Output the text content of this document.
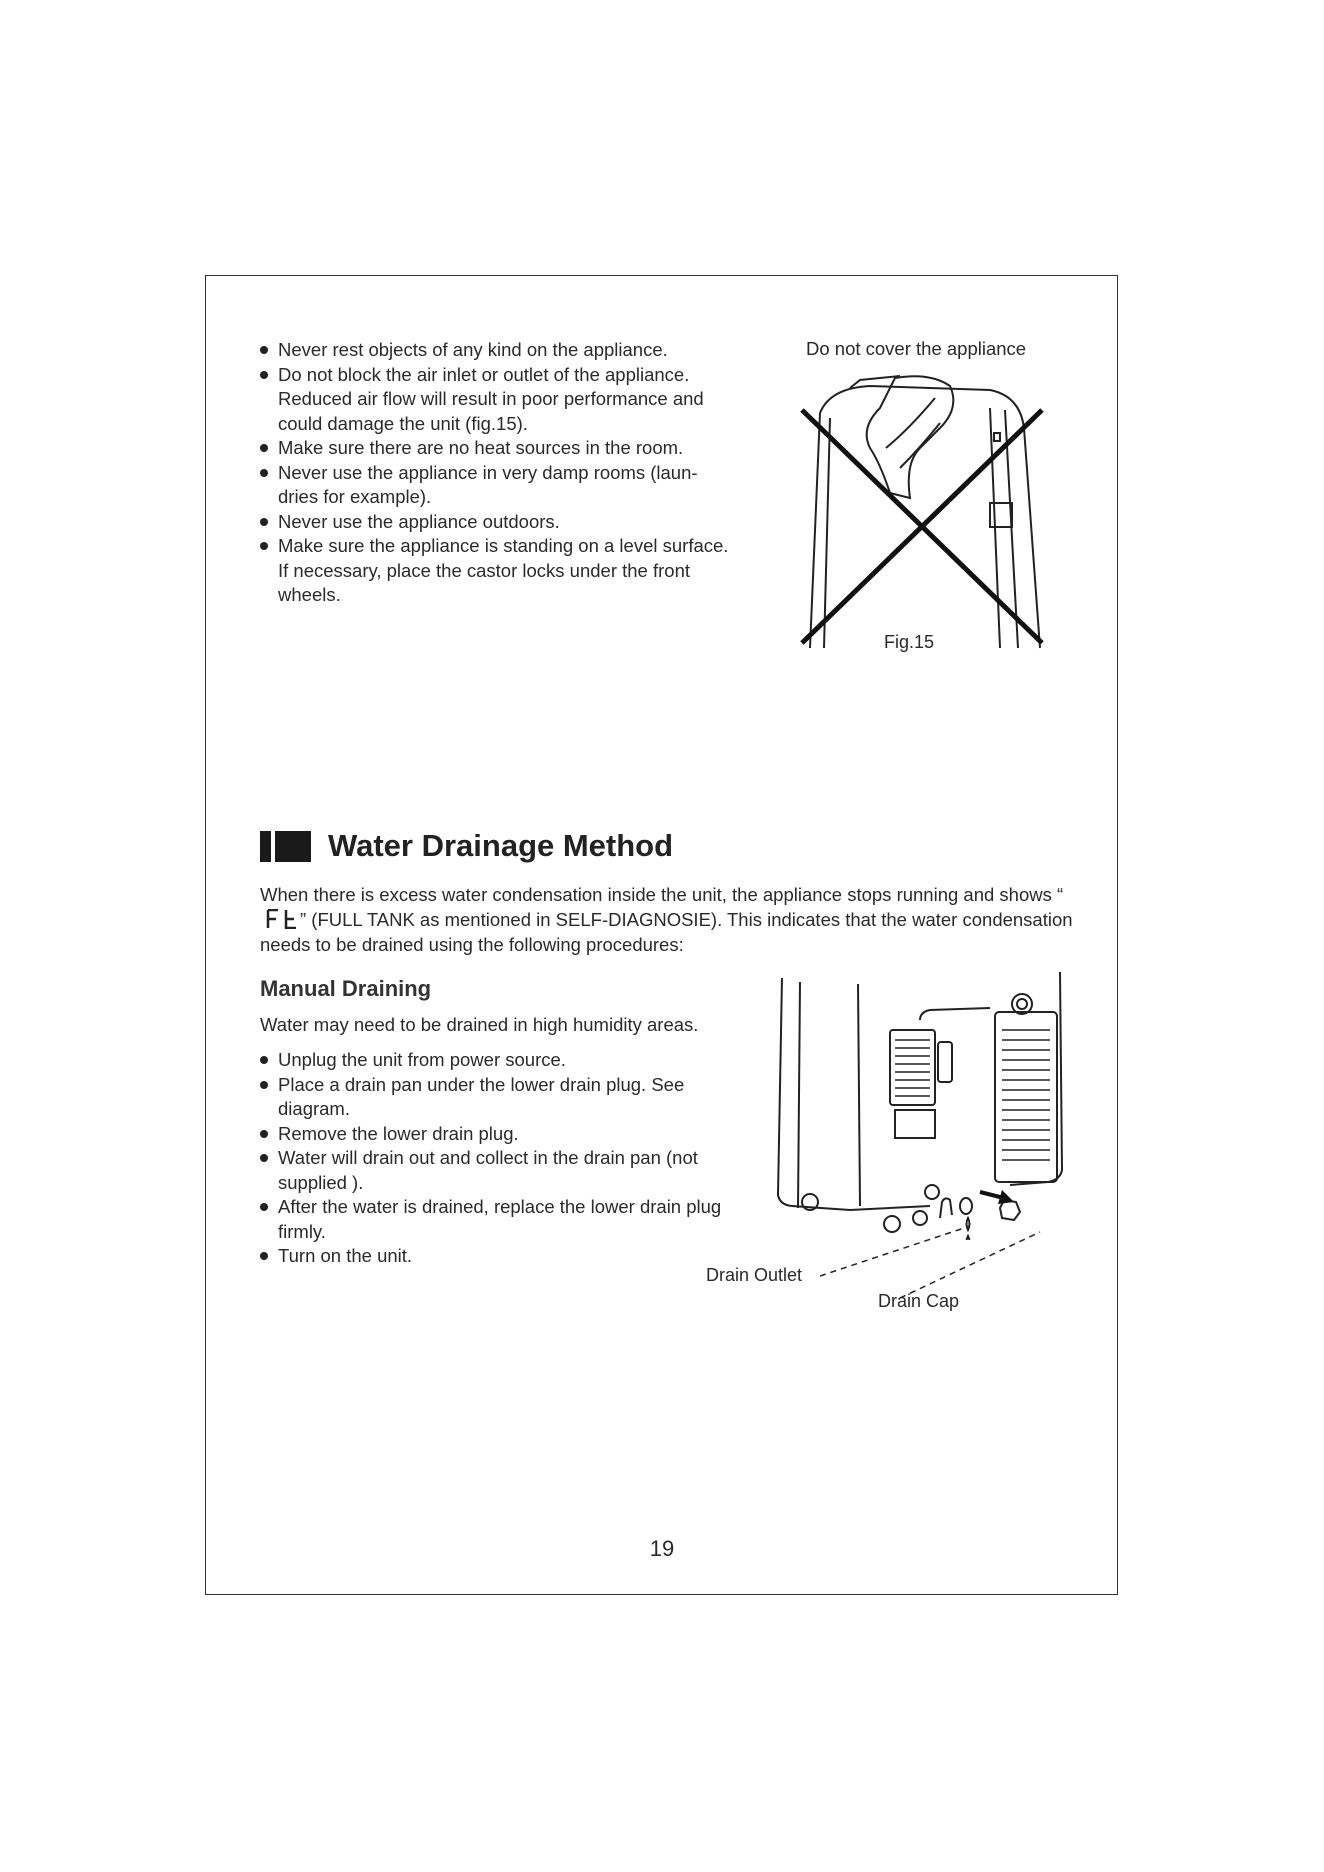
Never rest objects of any kind on the appliance.
Do not block the air inlet or outlet of the appliance. Reduced air flow will result in poor performance and could damage the unit (fig.15).
Make sure there are no heat sources in the room.
Never use the appliance in very damp rooms (laun-dries for example).
Never use the appliance outdoors.
Make sure the appliance is standing on a level surface. If necessary, place the castor locks under the front wheels.
Do not cover the appliance
Fig.15
Water Drainage Method

When there is excess water condensation inside the unit, the appliance stops running and shows “” (FULL TANK as mentioned in SELF-DIAGNOSIE). This indicates that the water condensation needs to be drained using the following procedures:

Manual Draining

Water may need to be drained in high humidity areas.

Unplug the unit from power source.
Place a drain pan under the lower drain plug. See diagram.
Remove the lower drain plug.
Water will drain out and collect in the drain pan (not supplied ).
After the water is drained, replace the lower drain plug firmly.
Turn on the unit.
Drain Outlet
Drain Cap
19
